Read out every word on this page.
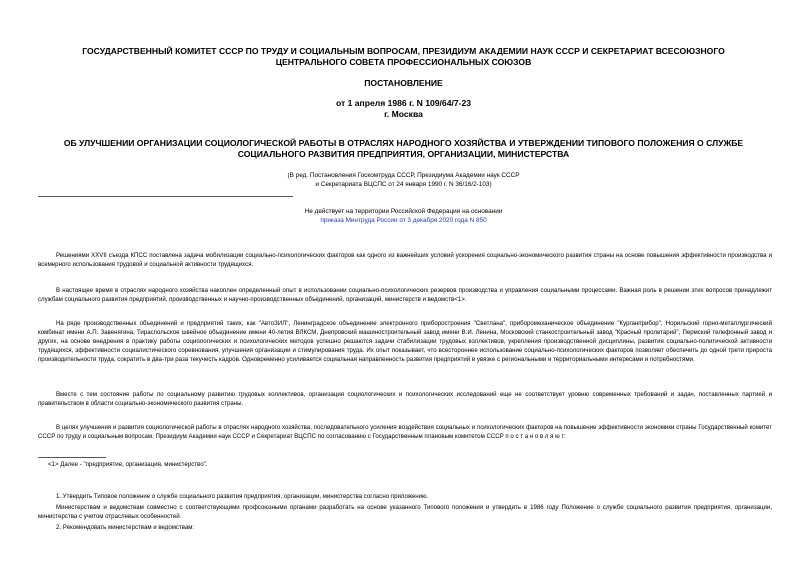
ГОСУДАРСТВЕННЫЙ КОМИТЕТ СССР ПО ТРУДУ И СОЦИАЛЬНЫМ ВОПРОСАМ, ПРЕЗИДИУМ АКАДЕМИИ НАУК СССР И СЕКРЕТАРИАТ ВСЕСОЮЗНОГО
ЦЕНТРАЛЬНОГО СОВЕТА ПРОФЕССИОНАЛЬНЫХ СОЮЗОВ
ПОСТАНОВЛЕНИЕ
от 1 апреля 1986 г. N 109/64/7-23
г. Москва
ОБ УЛУЧШЕНИИ ОРГАНИЗАЦИИ СОЦИОЛОГИЧЕСКОЙ РАБОТЫ В ОТРАСЛЯХ НАРОДНОГО ХОЗЯЙСТВА И УТВЕРЖДЕНИИ ТИПОВОГО ПОЛОЖЕНИЯ О СЛУЖБЕ
СОЦИАЛЬНОГО РАЗВИТИЯ ПРЕДПРИЯТИЯ, ОРГАНИЗАЦИИ, МИНИСТЕРСТВА
(В ред. Постановления Госкомтруда СССР, Президиума Академии наук СССР
и Секретариата ВЦСПС от 24 января 1990 г. N 36/16/2-103)
Не действует на территории Российской Федерации на основании
приказа Минтруда России от 3 декабря 2020 года N 850
Решениями XXVII съезда КПСС поставлена задача мобилизации социально-психологических факторов как одного из важнейших условий ускорения социально-экономического развития страны на основе повышения эффективности производства и всемерного использования трудовой и социальной активности трудящихся.
В настоящее время в отраслях народного хозяйства накоплен определенный опыт в использовании социально-психологических резервов производства и управления социальными процессами. Важная роль в решении этих вопросов принадлежит службам социального развития предприятий, производственных и научно-производственных объединений, организаций, министерств и ведомств<1>.
На ряде производственных объединений и предприятий таких, как "АвтоЗИЛ", Ленинградское объединение электронного приборостроения "Светлана", приборомеханическое объединение "Курганприбор", Норильский горно-металлургический комбинат имени А.П. Завенягина, Тираспольское швейное объединение имени 40-летия ВЛКСМ, Днепровский машиностроительный завод имени В.И. Ленина, Московский станкостроительный завод "Красный пролетарий", Пермский телефонный завод и других, на основе внедрения в практику работы социологических и психологических методов успешно решаются задачи стабилизации трудовых коллективов, укрепления производственной дисциплины, развития социально-политической активности трудящихся, эффективности социалистического соревнования, улучшения организации и стимулирования труда. Их опыт показывает, что всестороннее использование социально-психологических факторов позволяет обеспечить до одной трети прироста производительности труда, сократить в два-три раза текучесть кадров. Одновременно усиливается социальная направленность развития предприятий в увязке с региональными и территориальными интересами и потребностями.
Вместе с тем состояние работы по социальному развитию трудовых коллективов, организация социологических и психологических исследований еще не соответствует уровню современных требований и задач, поставленных партией и правительством в области социально-экономического развития страны.
В целях улучшения и развития социологической работы в отраслях народного хозяйства, последовательного усиления воздействия социальных и психологических факторов на повышение эффективности экономики страны Государственный комитет СССР по труду и социальным вопросам, Президиум Академии наук СССР и Секретариат ВЦСПС по согласованию с Государственным плановым комитетом СССР п о с т а н о в л я ю т:
<1> Далее - "предприятие, организация, министерство".
1. Утвердить Типовое положение о службе социального развития предприятия, организации, министерства согласно приложению.
Министерствам и ведомствам совместно с соответствующими профсоюзными органами разработать на основе указанного Типового положения и утвердить в 1986 году Положение о службе социального развития предприятия, организации, министерства с учетом отраслевых особенностей.
2. Рекомендовать министерствам и ведомствам:
